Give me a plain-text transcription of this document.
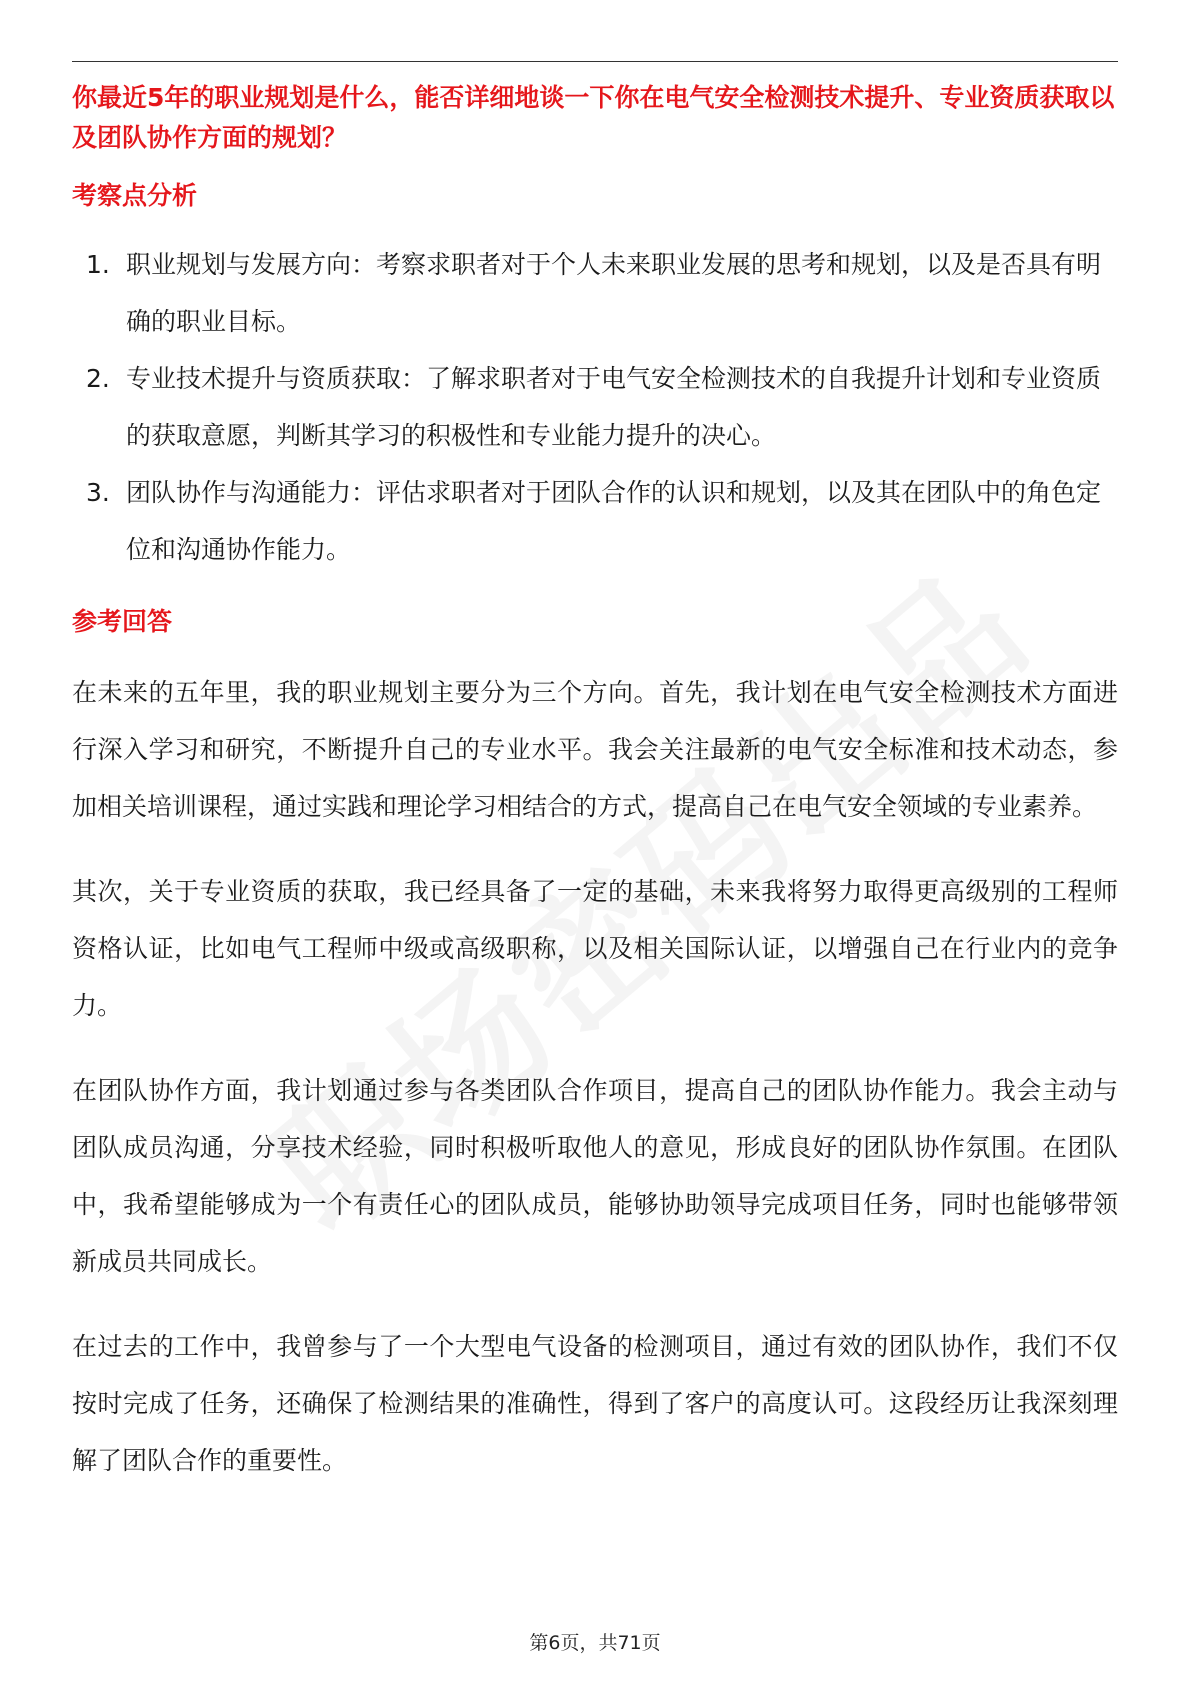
你最近5年的职业规划是什么，能否详细地谈一下你在电气安全检测技术提升、专业资质获取以及团队协作方面的规划？

考察点分析
1. 职业规划与发展方向：考察求职者对于个人未来职业发展的思考和规划，以及是否具有明确的职业目标。
2. 专业技术提升与资质获取：了解求职者对于电气安全检测技术的自我提升计划和专业资质的获取意愿，判断其学习的积极性和专业能力提升的决心。
3. 团队协作与沟通能力：评估求职者对于团队合作的认识和规划，以及其在团队中的角色定位和沟通协作能力。
参考回答

在未来的五年里，我的职业规划主要分为三个方向。首先，我计划在电气安全检测技术方面进行深入学习和研究，不断提升自己的专业水平。我会关注最新的电气安全标准和技术动态，参加相关培训课程，通过实践和理论学习相结合的方式，提高自己在电气安全领域的专业素养。

其次，关于专业资质的获取，我已经具备了一定的基础，未来我将努力取得更高级别的工程师资格认证，比如电气工程师中级或高级职称，以及相关国际认证，以增强自己在行业内的竞争力。

在团队协作方面，我计划通过参与各类团队合作项目，提高自己的团队协作能力。我会主动与团队成员沟通，分享技术经验，同时积极听取他人的意见，形成良好的团队协作氛围。在团队中，我希望能够成为一个有责任心的团队成员，能够协助领导完成项目任务，同时也能够带领新成员共同成长。

在过去的工作中，我曾参与了一个大型电气设备的检测项目，通过有效的团队协作，我们不仅按时完成了任务，还确保了检测结果的准确性，得到了客户的高度认可。这段经历让我深刻理解了团队合作的重要性。

第6页，共71页
